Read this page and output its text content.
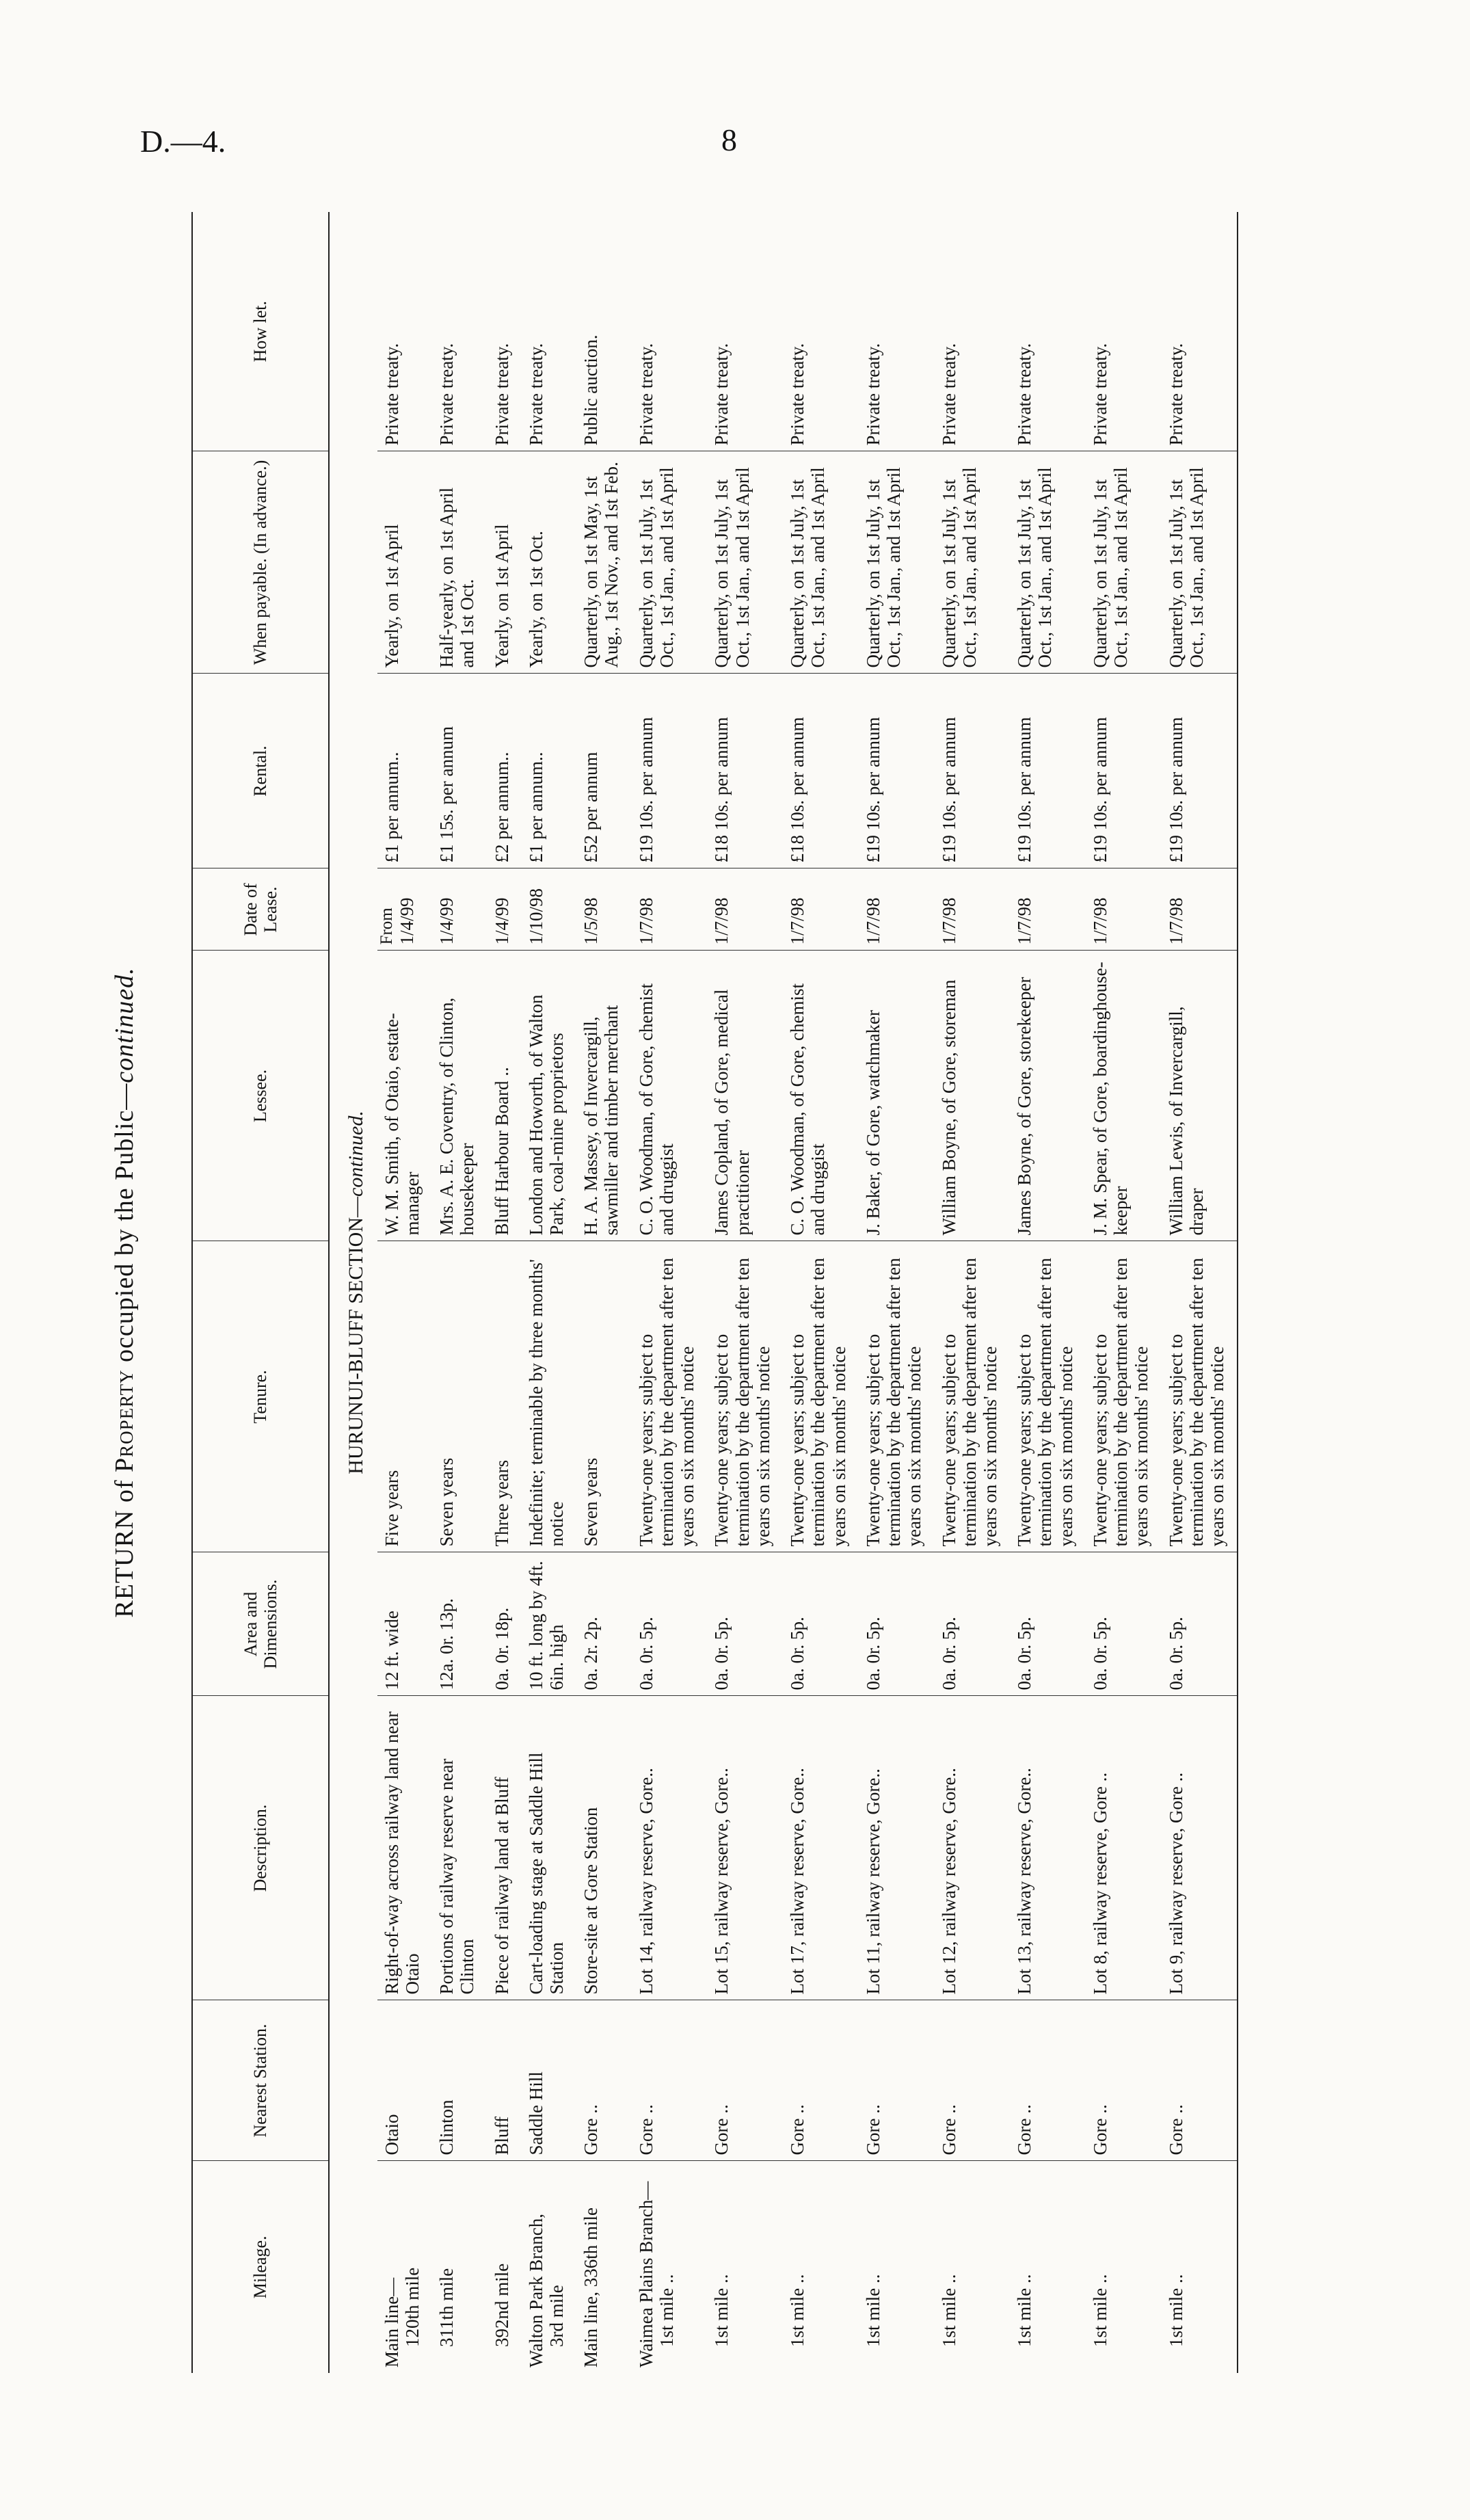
D.—4.	8
RETURN of Property occupied by the Public—continued.
Mileage.	Nearest Station.	Description.	Area and Dimensions.	Tenure.	Lessee.	Date of Lease.	Rental.	When payable. (In advance.)	How let.
HURUNUI-BLUFF SECTION—continued.									

Main line— 120th mile	Otaio	Right-of-way across railway land near Otaio	12 ft. wide	Five years	W. M. Smith, of Otaio, estate-manager	From 1/4/99	£1 per annum..	Yearly, on 1st April	Private treaty.

311th mile	Clinton	Portions of railway reserve near Clinton	12a. 0r. 13p.	Seven years	Mrs. A. E. Coventry, of Clinton, housekeeper	1/4/99	£1 15s. per annum	Half-yearly, on 1st April and 1st Oct.	Private treaty.

392nd mile	Bluff	Piece of railway land at Bluff	0a. 0r. 18p.	Three years	Bluff Harbour Board ..	1/4/99	£2 per annum..	Yearly, on 1st April	Private treaty.

Walton Park Branch, 3rd mile	Saddle Hill	Cart-loading stage at Saddle Hill Station	10 ft. long by 4ft. 6in. high	Indefinite; terminable by three months' notice	London and Howorth, of Walton Park, coal-mine proprietors	1/10/98	£1 per annum..	Yearly, on 1st Oct.	Private treaty.

Main line, 336th mile	Gore ..	Store-site at Gore Station	0a. 2r. 2p.	Seven years	H. A. Massey, of Invercargill, sawmiller and timber merchant	1/5/98	£52 per annum	Quarterly, on 1st May, 1st Aug., 1st Nov., and 1st Feb.	Public auction.

Waimea Plains Branch— 1st mile ..	Gore ..	Lot 14, railway reserve, Gore..	0a. 0r. 5p.	Twenty-one years; subject to termination by the department after ten years on six months' notice	C. O. Woodman, of Gore, chemist and druggist	1/7/98	£19 10s. per annum	Quarterly, on 1st July, 1st Oct., 1st Jan., and 1st April	Private treaty.

1st mile ..	Gore ..	Lot 15, railway reserve, Gore..	0a. 0r. 5p.	Twenty-one years; subject to termination by the department after ten years on six months' notice	James Copland, of Gore, medical practitioner	1/7/98	£18 10s. per annum	Quarterly, on 1st July, 1st Oct., 1st Jan., and 1st April	Private treaty.

1st mile ..	Gore ..	Lot 17, railway reserve, Gore..	0a. 0r. 5p.	Twenty-one years; subject to termination by the department after ten years on six months' notice	C. O. Woodman, of Gore, chemist and druggist	1/7/98	£18 10s. per annum	Quarterly, on 1st July, 1st Oct., 1st Jan., and 1st April	Private treaty.

1st mile ..	Gore ..	Lot 11, railway reserve, Gore..	0a. 0r. 5p.	Twenty-one years; subject to termination by the department after ten years on six months' notice	J. Baker, of Gore, watchmaker	1/7/98	£19 10s. per annum	Quarterly, on 1st July, 1st Oct., 1st Jan., and 1st April	Private treaty.

1st mile ..	Gore ..	Lot 12, railway reserve, Gore..	0a. 0r. 5p.	Twenty-one years; subject to termination by the department after ten years on six months' notice	William Boyne, of Gore, storeman	1/7/98	£19 10s. per annum	Quarterly, on 1st July, 1st Oct., 1st Jan., and 1st April	Private treaty.

1st mile ..	Gore ..	Lot 13, railway reserve, Gore..	0a. 0r. 5p.	Twenty-one years; subject to termination by the department after ten years on six months' notice	James Boyne, of Gore, storekeeper	1/7/98	£19 10s. per annum	Quarterly, on 1st July, 1st Oct., 1st Jan., and 1st April	Private treaty.

1st mile ..	Gore ..	Lot 8, railway reserve, Gore ..	0a. 0r. 5p.	Twenty-one years; subject to termination by the department after ten years on six months' notice	J. M. Spear, of Gore, boardinghouse-keeper	1/7/98	£19 10s. per annum	Quarterly, on 1st July, 1st Oct., 1st Jan., and 1st April	Private treaty.

1st mile ..	Gore ..	Lot 9, railway reserve, Gore ..	0a. 0r. 5p.	Twenty-one years; subject to termination by the department after ten years on six months' notice	William Lewis, of Invercargill, draper	1/7/98	£19 10s. per annum	Quarterly, on 1st July, 1st Oct., 1st Jan., and 1st April	Private treaty.
